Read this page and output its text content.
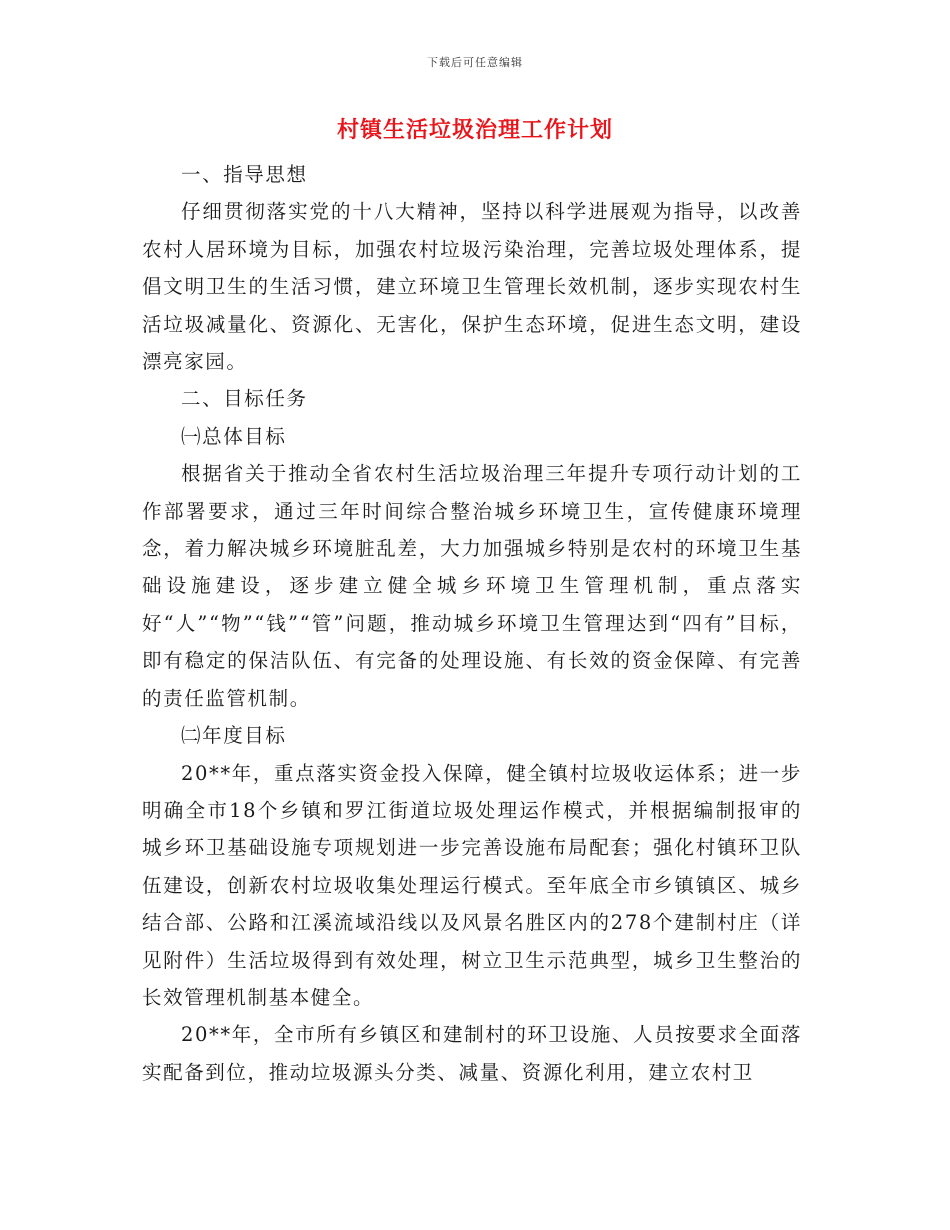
下载后可任意编辑
村镇生活垃圾治理工作计划

一、指导思想

仔细贯彻落实党的十八大精神，坚持以科学进展观为指导，以改善农村人居环境为目标，加强农村垃圾污染治理，完善垃圾处理体系，提倡文明卫生的生活习惯，建立环境卫生管理长效机制，逐步实现农村生活垃圾减量化、资源化、无害化，保护生态环境，促进生态文明，建设漂亮家园。

二、目标任务

㈠总体目标

根据省关于推动全省农村生活垃圾治理三年提升专项行动计划的工作部署要求，通过三年时间综合整治城乡环境卫生，宣传健康环境理念，着力解决城乡环境脏乱差，大力加强城乡特别是农村的环境卫生基础设施建设，逐步建立健全城乡环境卫生管理机制，重点落实好“人”“物”“钱”“管”问题，推动城乡环境卫生管理达到“四有”目标，即有稳定的保洁队伍、有完备的处理设施、有长效的资金保障、有完善的责任监管机制。

㈡年度目标

20**年，重点落实资金投入保障，健全镇村垃圾收运体系；进一步明确全市18个乡镇和罗江街道垃圾处理运作模式，并根据编制报审的城乡环卫基础设施专项规划进一步完善设施布局配套；强化村镇环卫队伍建设，创新农村垃圾收集处理运行模式。至年底全市乡镇镇区、城乡结合部、公路和江溪流域沿线以及风景名胜区内的278个建制村庄（详见附件）生活垃圾得到有效处理，树立卫生示范典型，城乡卫生整治的长效管理机制基本健全。

20**年，全市所有乡镇区和建制村的环卫设施、人员按要求全面落实配备到位，推动垃圾源头分类、减量、资源化利用，建立农村卫
